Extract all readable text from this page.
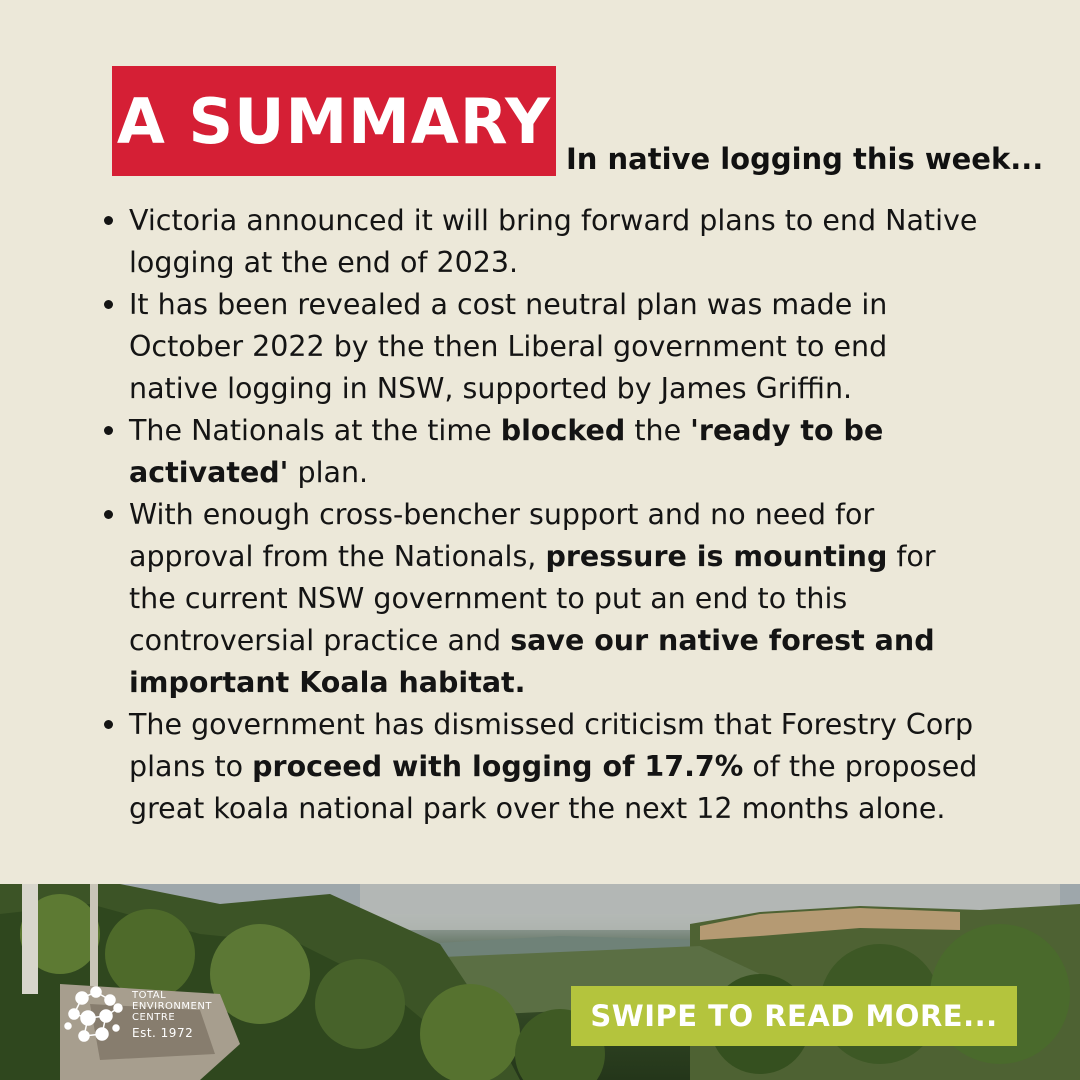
A SUMMARY
In native logging this week...
Victoria announced it will bring forward plans to end Native logging at the end of 2023.
It has been revealed a cost neutral plan was made in October 2022 by the then Liberal government to end native logging in NSW, supported by James Griffin.
The Nationals at the time blocked the 'ready to be activated' plan.
With enough cross-bencher support and no need for approval from the Nationals, pressure is mounting for the current NSW government to put an end to this controversial practice and save our native forest and important Koala habitat.
The government has dismissed criticism that Forestry Corp plans to proceed with logging of 17.7% of the proposed great koala national park over the next 12 months alone.
TOTAL
ENVIRONMENT
CENTRE
Est. 1972	SWIPE TO READ MORE...
